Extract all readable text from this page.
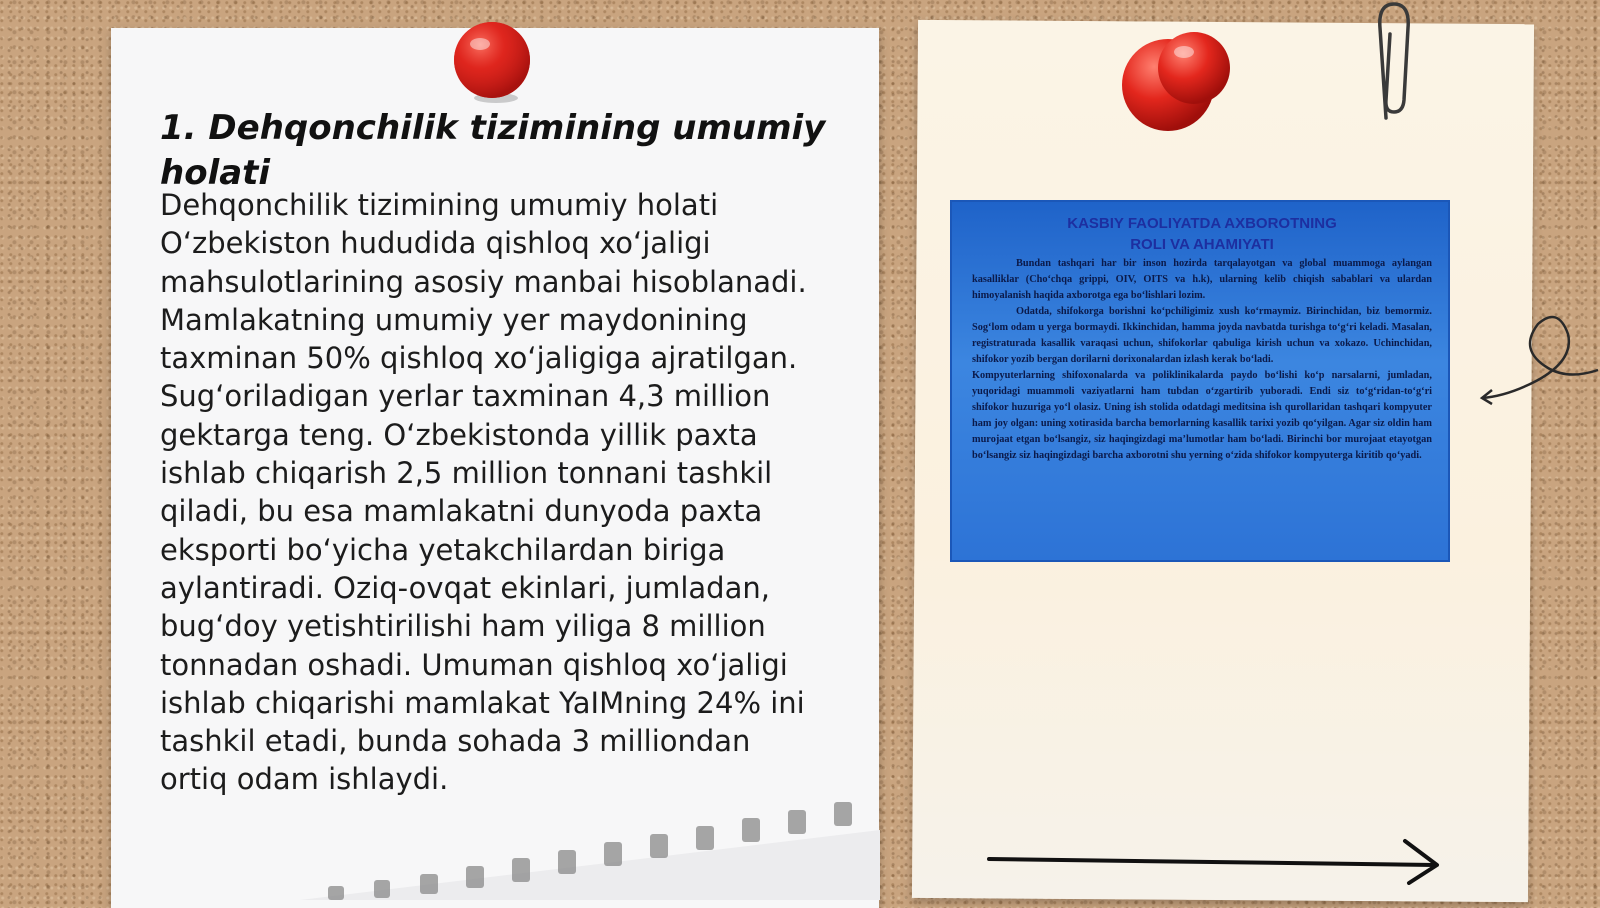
1. Dehqonchilik tizimining umumiy holati

Dehqonchilik tizimining umumiy holati
O‘zbekiston hududida qishloq xo‘jaligi
mahsulotlarining asosiy manbai hisoblanadi.
Mamlakatning umumiy yer maydonining
taxminan 50% qishloq xo‘jaligiga ajratilgan.
Sug‘oriladigan yerlar taxminan 4,3 million
gektarga teng. O‘zbekistonda yillik paxta
ishlab chiqarish 2,5 million tonnani tashkil
qiladi, bu esa mamlakatni dunyoda paxta
eksporti bo‘yicha yetakchilardan biriga
aylantiradi. Oziq-ovqat ekinlari, jumladan,
bug‘doy yetishtirilishi ham yiliga 8 million
tonnadan oshadi. Umuman qishloq xo‘jaligi
ishlab chiqarishi mamlakat YaIMning 24% ini
tashkil etadi, bunda sohada 3 milliondan
ortiq odam ishlaydi.

KASBIY FAOLIYATDA AXBOROTNING
ROLI VA AHAMIYATI

Bundan tashqari har bir inson hozirda tarqalayotgan va global muammoga aylangan kasalliklar (Cho‘chqa grippi, OIV, OITS va h.k), ularning kelib chiqish sabablari va ulardan himoyalanish haqida axborotga ega bo‘lishlari lozim.

Odatda, shifokorga borishni ko‘pchiligimiz xush ko‘rmaymiz. Birinchidan, biz bemormiz. Sog‘lom odam u yerga bormaydi. Ikkinchidan, hamma joyda navbatda turishga to‘g‘ri keladi. Masalan, registraturada kasallik varaqasi uchun, shifokorlar qabuliga kirish uchun va xokazo. Uchinchidan, shifokor yozib bergan dorilarni dorixonalardan izlash kerak bo‘ladi.

Kompyuterlarning shifoxonalarda va poliklinikalarda paydo bo‘lishi ko‘p narsalarni, jumladan, yuqoridagi muammoli vaziyatlarni ham tubdan o‘zgartirib yuboradi. Endi siz to‘g‘ridan-to‘g‘ri shifokor huzuriga yo‘l olasiz. Uning ish stolida odatdagi meditsina ish qurollaridan tashqari kompyuter ham joy olgan: uning xotirasida barcha bemorlarning kasallik tarixi yozib qo‘yilgan. Agar siz oldin ham murojaat etgan bo‘lsangiz, siz haqingizdagi ma’lumotlar ham bo‘ladi. Birinchi bor murojaat etayotgan bo‘lsangiz siz haqingizdagi barcha axborotni shu yerning o‘zida shifokor kompyuterga kiritib qo‘yadi.
